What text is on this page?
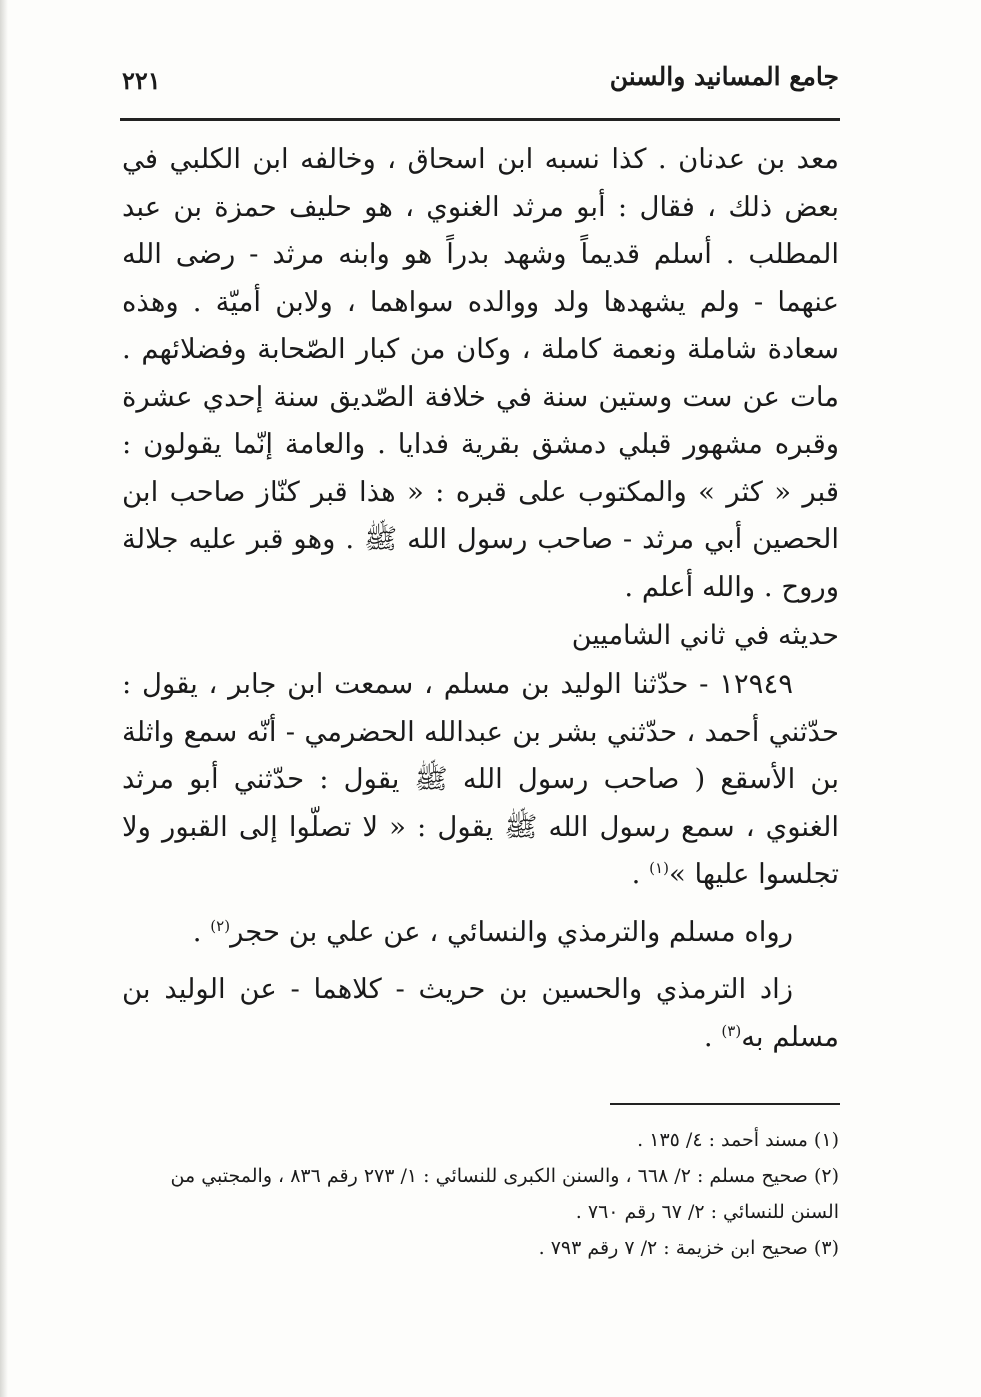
جامع المسانيد والسنن
٢٢١

معد بن عدنان . كذا نسبه ابن اسحاق ، وخالفه ابن الكلبي في بعض ذلك ، فقال : أبو مرثد الغنوي ، هو حليف حمزة بن عبد المطلب . أسلم قديماً وشهد بدراً هو وابنه مرثد - رضى الله عنهما - ولم يشهدها ولد ووالده سواهما ، ولابن أميّة . وهذه سعادة شاملة ونعمة كاملة ، وكان من كبار الصّحابة وفضلائهم . مات عن ست وستين سنة في خلافة الصّديق سنة إحدي عشرة وقبره مشهور قبلي دمشق بقرية فدايا . والعامة إنّما يقولون : قبر « كثر » والمكتوب على قبره : « هذا قبر كنّاز صاحب ابن الحصين أبي مرثد - صاحب رسول الله ﷺ . وهو قبر عليه جلالة وروح . والله أعلم .

حديثه في ثاني الشاميين

١٢٩٤٩ - حدّثنا الوليد بن مسلم ، سمعت ابن جابر ، يقول : حدّثني أحمد ، حدّثني بشر بن عبدالله الحضرمي - أنّه سمع واثلة بن الأسقع ( صاحب رسول الله ﷺ يقول : حدّثني أبو مرثد الغنوي ، سمع رسول الله ﷺ يقول : « لا تصلّوا إلى القبور ولا تجلسوا عليها »$^{(١)}$ .

رواه مسلم والترمذي والنسائي ، عن علي بن حجر$^{(٢)}$ .

زاد الترمذي والحسين بن حريث - كلاهما - عن الوليد بن مسلم به$^{(٣)}$ .

(١) مسند أحمد : ٤/ ١٣٥ .

(٢) صحيح مسلم : ٢/ ٦٦٨ ، والسنن الكبرى للنسائي : ١/ ٢٧٣ رقم ٨٣٦ ، والمجتبي من

السنن للنسائي : ٢/ ٦٧ رقم ٧٦٠ .

(٣) صحيح ابن خزيمة : ٢/ ٧ رقم ٧٩٣ .
